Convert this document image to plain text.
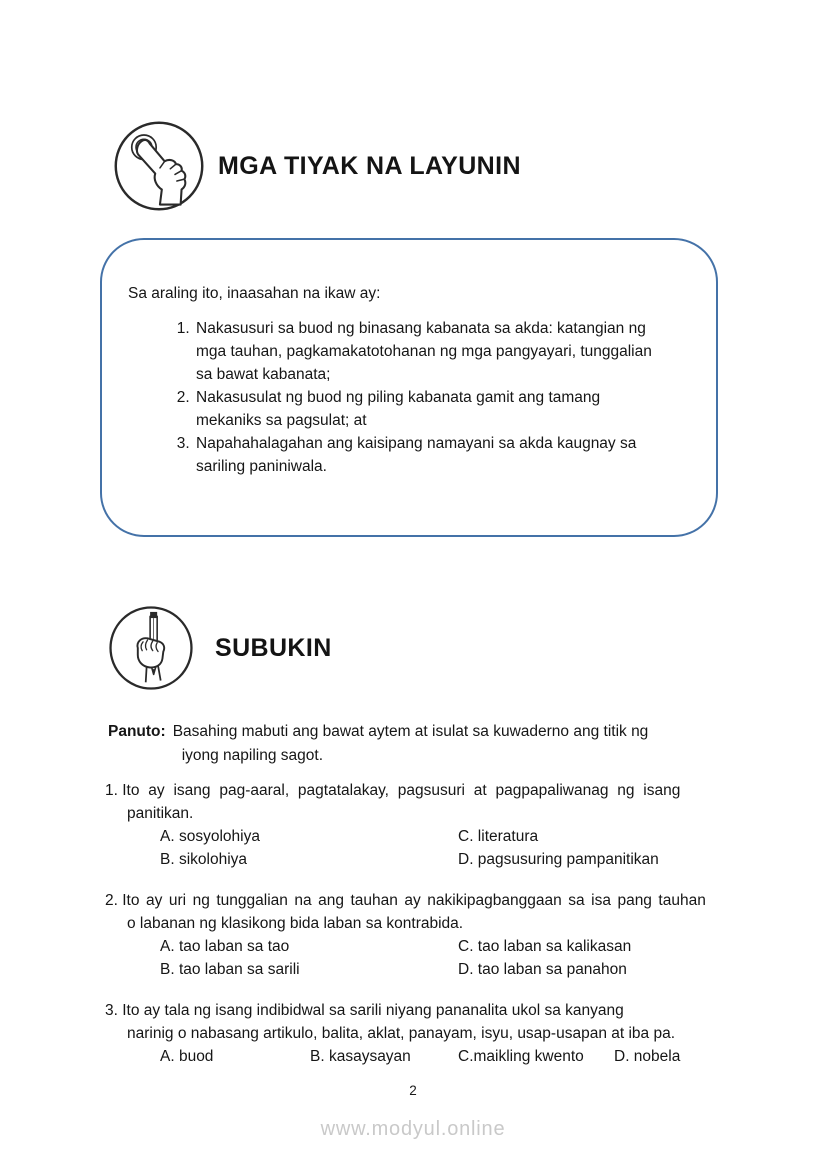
MGA TIYAK NA LAYUNIN
Sa araling ito, inaasahan na ikaw ay:
1. Nakasusuri sa buod ng binasang kabanata sa akda: katangian ng
mga tauhan, pagkamakatotohanan ng mga pangyayari, tunggalian
sa bawat kabanata;
2. Nakasusulat ng buod ng piling kabanata gamit ang tamang
mekaniks sa pagsulat; at
3. Napahahalagahan ang kaisipang namayani sa akda kaugnay sa
sariling paniniwala.
SUBUKIN
Panuto: Basahing mabuti ang bawat aytem at isulat sa kuwaderno ang titik ng
iyong napiling sagot.

1. Ito ay isang pag-aaral, pagtatalakay, pagsusuri at pagpapaliwanag ng isang
panitikan.

A. sosyolohiya	C. literatura
B. sikolohiya	D. pagsusuring pampanitikan

2. Ito ay uri ng tunggalian na ang tauhan ay nakikipagbanggaan sa isa pang tauhan
o labanan ng klasikong bida laban sa kontrabida.

A. tao laban sa tao	C. tao laban sa kalikasan
B. tao laban sa sarili	D. tao laban sa panahon

3. Ito ay tala ng isang indibidwal sa sarili niyang pananalita ukol sa kanyang
narinig o nabasang artikulo, balita, aklat, panayam, isyu, usap-usapan at iba pa.

A. buod	B. kasaysayan	C.maikling kwento	D. nobela
2
www.modyul.online
